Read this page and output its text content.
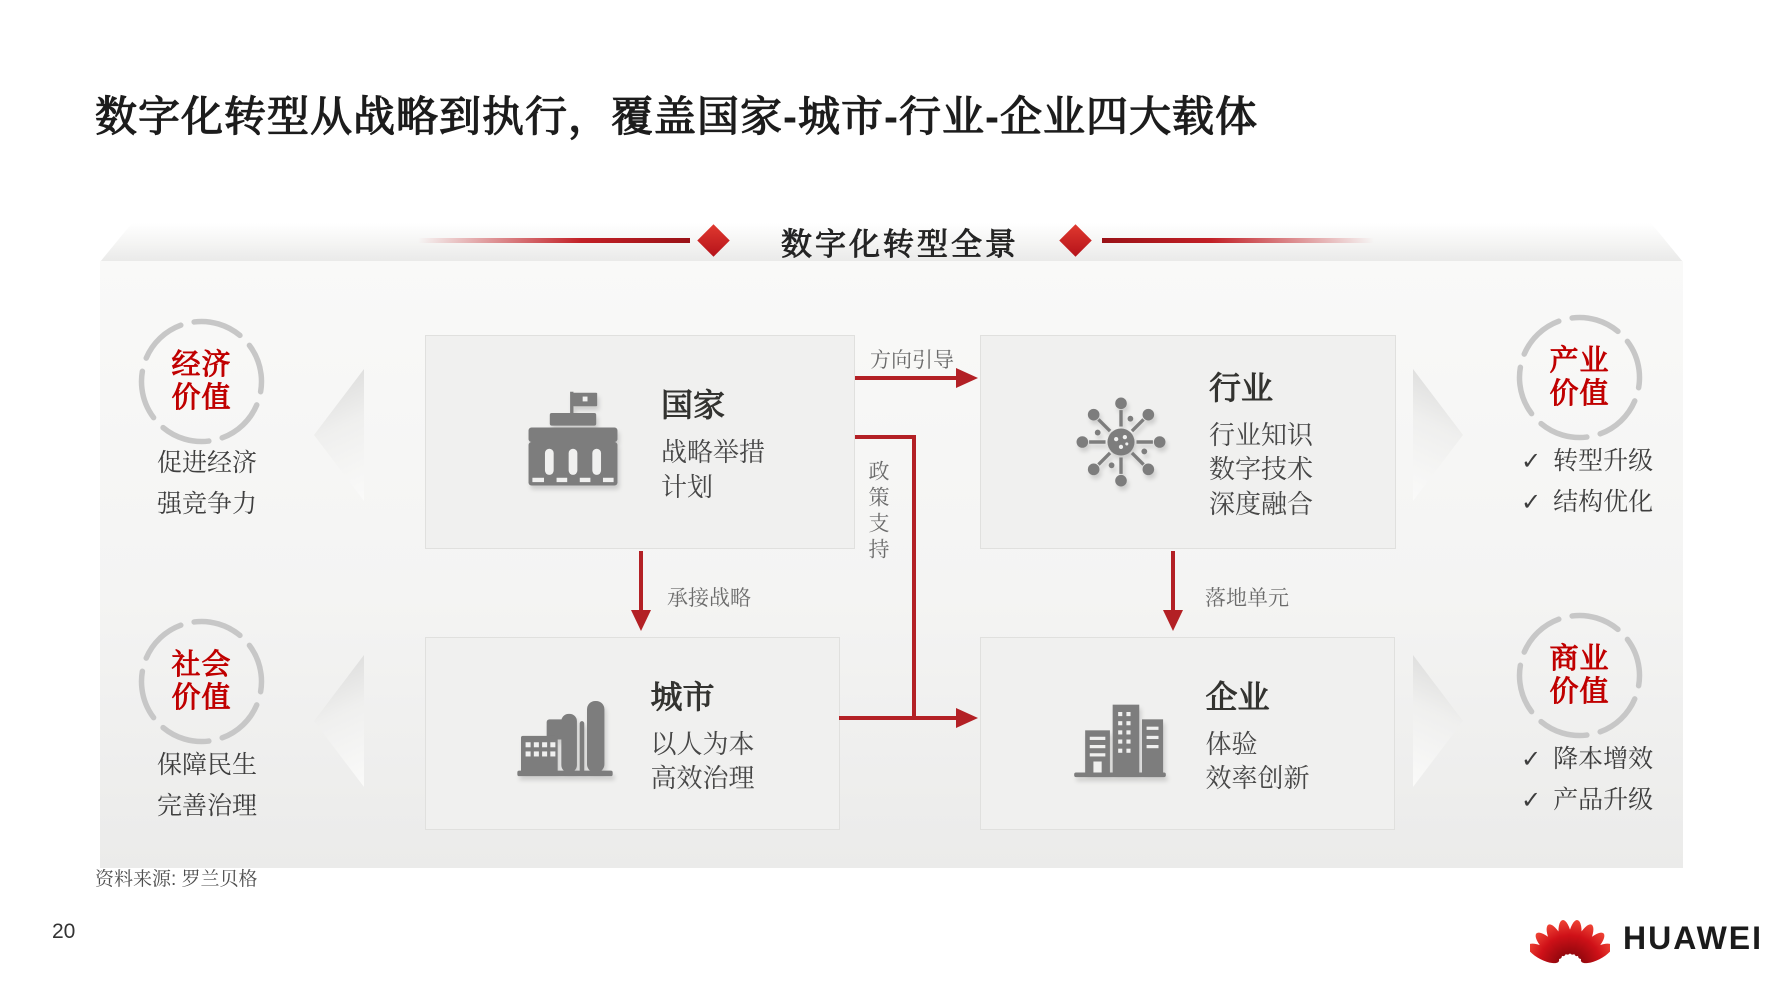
数字化转型从战略到执行，覆盖国家-城市-行业-企业四大载体
数字化转型全景
国家
战略举措
计划
行业
行业知识
数字技术
深度融合
城市
以人为本
高效治理
企业
体验
效率创新
方向引导
承接战略
政策支持
落地单元
经济
价值
促进经济
强竞争力
社会
价值
保障民生
完善治理
产业
价值
✓ 转型升级
✓ 结构优化
商业
价值
✓ 降本增效
✓ 产品升级
资料来源: 罗兰贝格
20	HUAWEI
